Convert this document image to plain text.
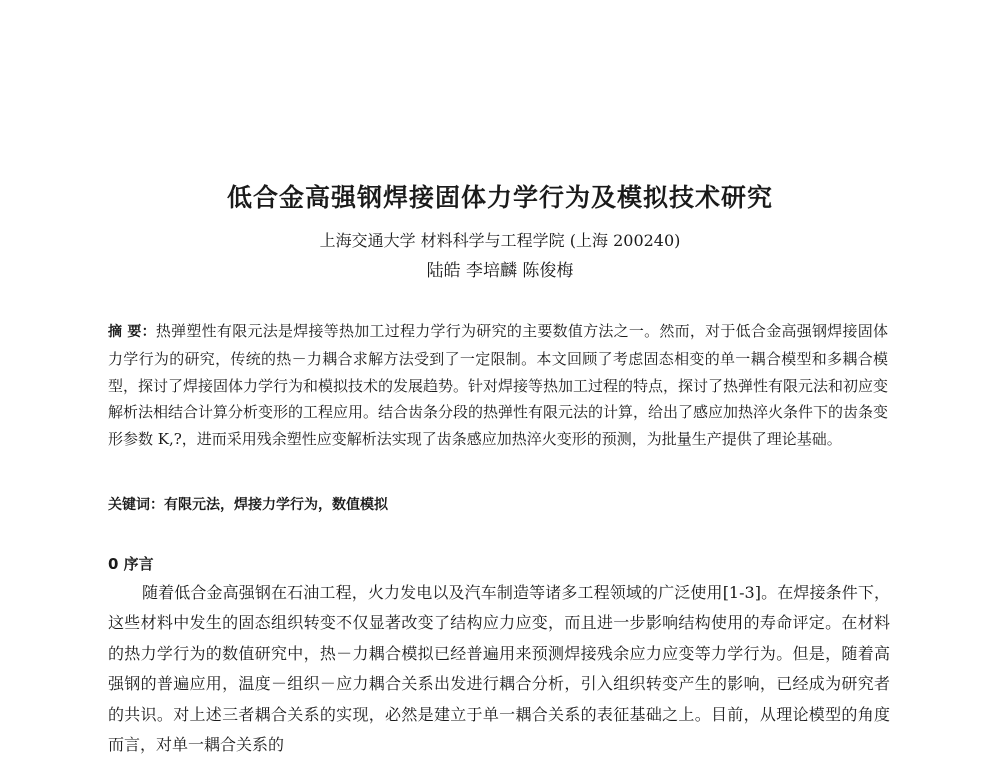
低合金高强钢焊接固体力学行为及模拟技术研究

上海交通大学 材料科学与工程学院 (上海 200240)

陆皓 李培麟 陈俊梅

摘 要：热弹塑性有限元法是焊接等热加工过程力学行为研究的主要数值方法之一。然而，对于低合金高强钢焊接固体力学行为的研究，传统的热－力耦合求解方法受到了一定限制。本文回顾了考虑固态相变的单一耦合模型和多耦合模型，探讨了焊接固体力学行为和模拟技术的发展趋势。针对焊接等热加工过程的特点，探讨了热弹性有限元法和初应变解析法相结合计算分析变形的工程应用。结合齿条分段的热弹性有限元法的计算，给出了感应加热淬火条件下的齿条变形参数 K,?，进而采用残余塑性应变解析法实现了齿条感应加热淬火变形的预测，为批量生产提供了理论基础。

关键词：有限元法，焊接力学行为，数值模拟

0 序言

随着低合金高强钢在石油工程，火力发电以及汽车制造等诸多工程领域的广泛使用[1-3]。在焊接条件下，这些材料中发生的固态组织转变不仅显著改变了结构应力应变，而且进一步影响结构使用的寿命评定。在材料的热力学行为的数值研究中，热－力耦合模拟已经普遍用来预测焊接残余应力应变等力学行为。但是，随着高强钢的普遍应用，温度－组织－应力耦合关系出发进行耦合分析，引入组织转变产生的影响，已经成为研究者的共识。对上述三者耦合关系的实现，必然是建立于单一耦合关系的表征基础之上。目前，从理论模型的角度而言，对单一耦合关系的
